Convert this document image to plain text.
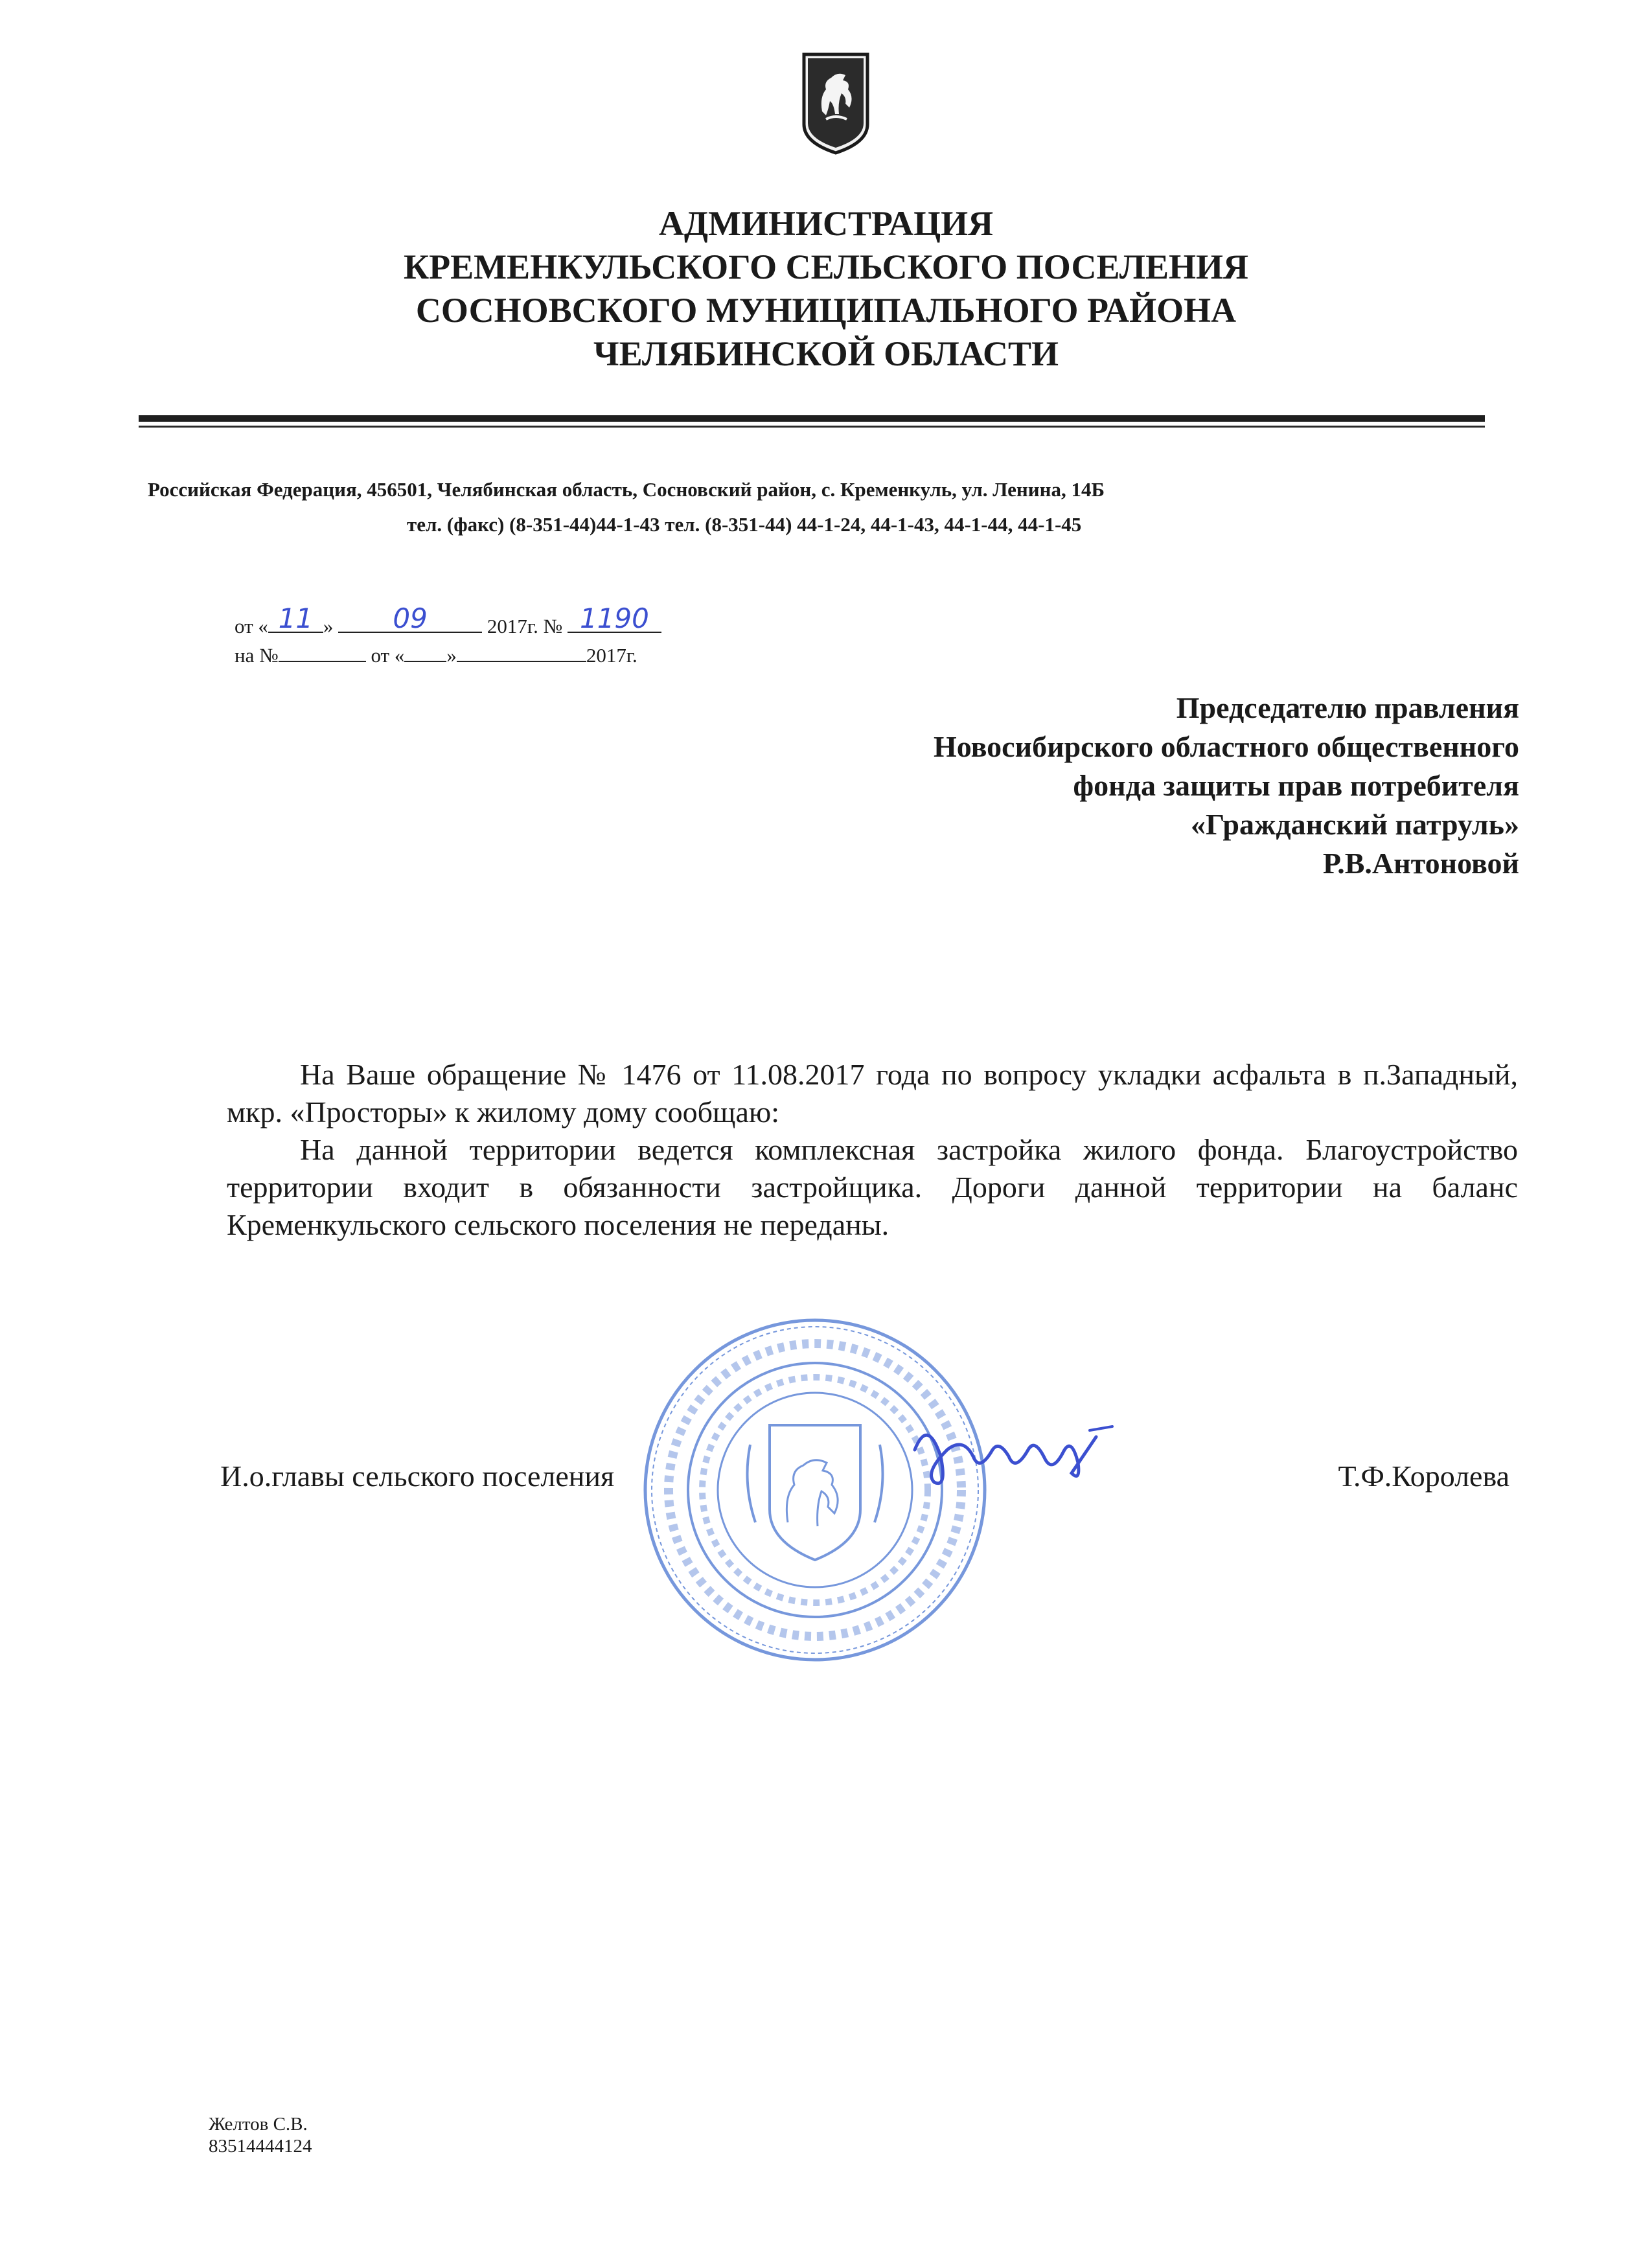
АДМИНИСТРАЦИЯ
КРЕМЕНКУЛЬСКОГО СЕЛЬСКОГО ПОСЕЛЕНИЯ
СОСНОВСКОГО МУНИЦИПАЛЬНОГО РАЙОНА
ЧЕЛЯБИНСКОЙ ОБЛАСТИ
Российская Федерация, 456501, Челябинская область, Сосновский район, с. Кременкуль, ул. Ленина, 14Б
тел. (факс) (8-351-44)44-1-43 тел. (8-351-44) 44-1-24, 44-1-43, 44-1-44, 44-1-45
от « 11 »	09	2017г. № 1190
на №	от « »	2017г.
Председателю правления
Новосибирского областного общественного
фонда защиты прав потребителя
«Гражданский патруль»
Р.В.Антоновой

На Ваше обращение № 1476 от 11.08.2017 года по вопросу укладки асфальта в п.Западный, мкр. «Просторы» к жилому дому сообщаю:

На данной территории ведется комплексная застройка жилого фонда. Благоустройство территории входит в обязанности застройщика. Дороги данной территории на баланс Кременкульского сельского поселения не переданы.

И.о.главы сельского поселения	Т.Ф.Королева
Желтов С.В.
83514444124
